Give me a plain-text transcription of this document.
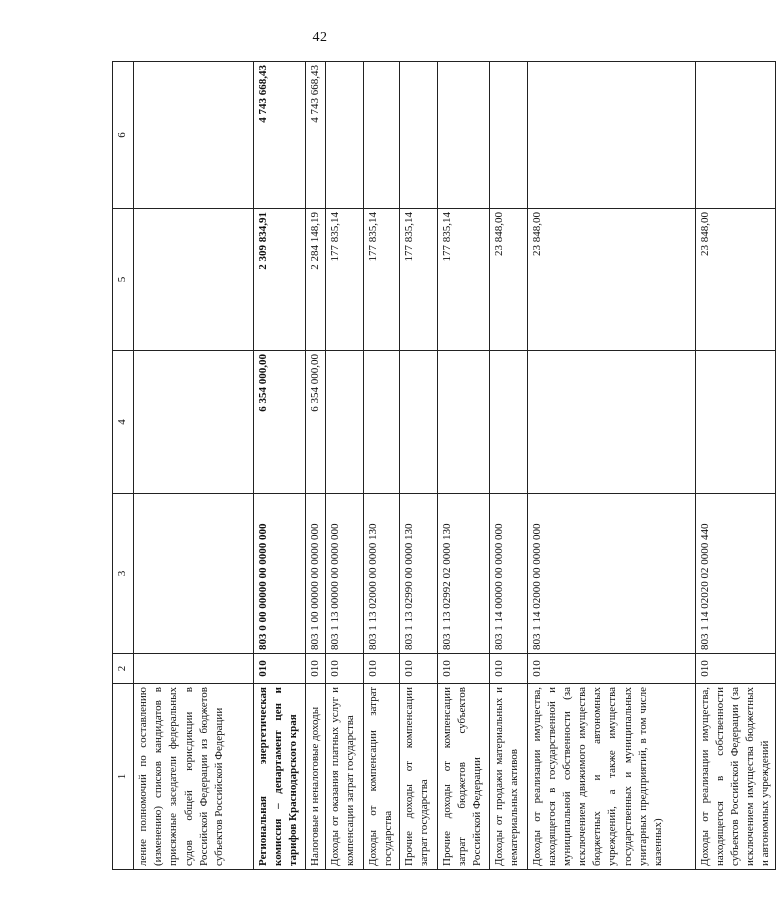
42
1	2	3	4	5	6
ление полномочий по составлению (изменению) списков кандидатов в присяжные заседатели федеральных судов общей юрисдикции в Российской Федерации из бюджетов субъектов Российской Федерации					
Региональная энергетическая комиссия – департамент цен и тарифов Краснодарского края	010	803 0 00 00000 00 0000 000	6 354 000,00	2 309 834,91	4 743 668,43
Налоговые и неналоговые доходы	010	803 1 00 00000 00 0000 000	6 354 000,00	2 284 148,19	4 743 668,43
Доходы от оказания платных услуг и компенсации затрат государства	010	803 1 13 00000 00 0000 000		177 835,14	
Доходы от компенсации затрат государства	010	803 1 13 02000 00 0000 130		177 835,14	
Прочие доходы от компенсации затрат государства	010	803 1 13 02990 00 0000 130		177 835,14	
Прочие доходы от компенсации затрат бюджетов субъектов Российской Федерации	010	803 1 13 02992 02 0000 130		177 835,14	
Доходы от продажи материальных и нематериальных активов	010	803 1 14 00000 00 0000 000		23 848,00	
Доходы от реализации имущества, находящегося в государственной и муниципальной собственности (за исключением движимого имущества бюджетных и автономных учреждений, а также имущества государственных и муниципальных унитарных предприятий, в том числе казенных)	010	803 1 14 02000 00 0000 000		23 848,00	
Доходы от реализации имущества, находящегося в собственности субъектов Российской Федерации (за исключением имущества бюджетных и автономных учреждений	010	803 1 14 02020 02 0000 440		23 848,00	
